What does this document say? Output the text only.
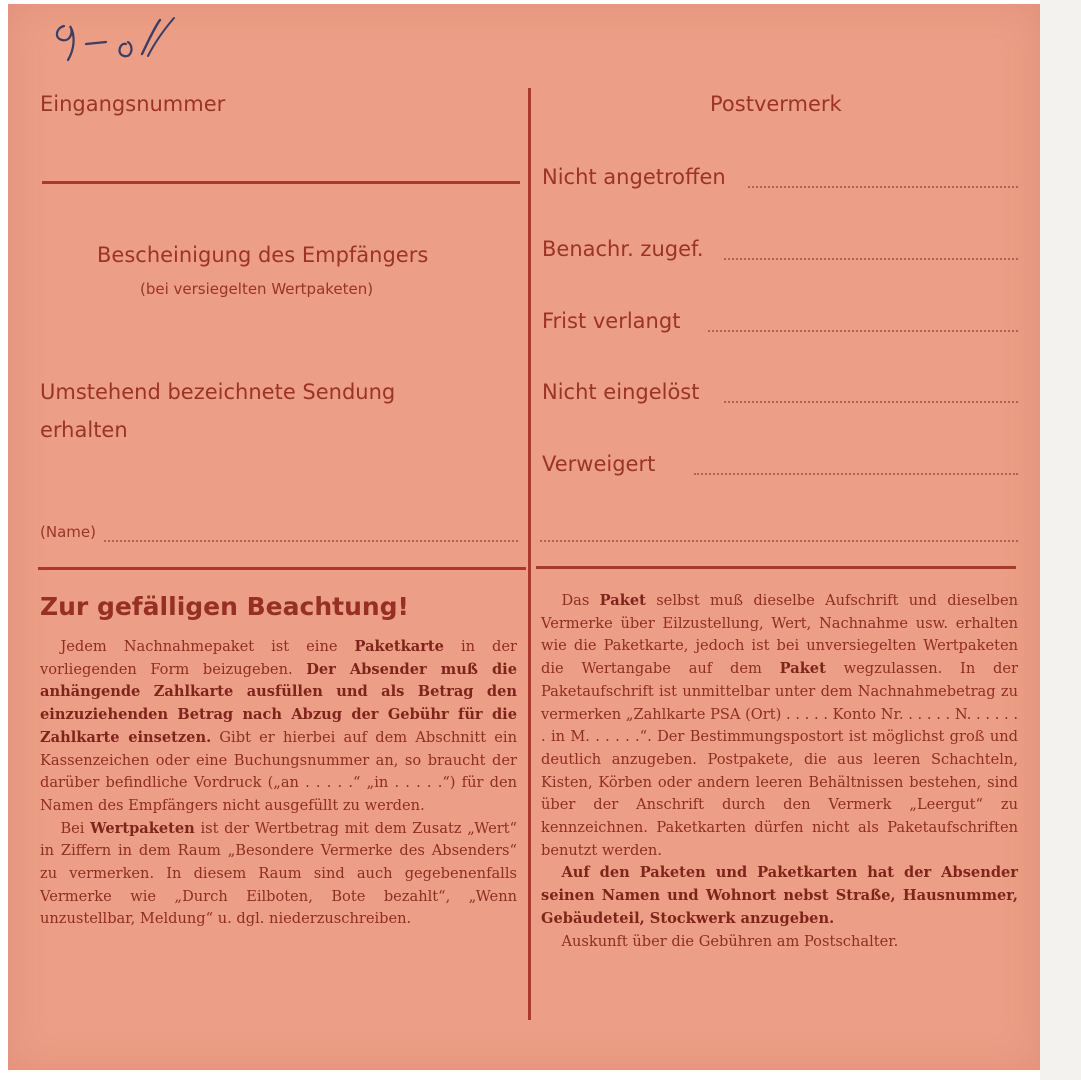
Eingangsnummer
Bescheinigung des Empfängers
(bei versiegelten Wertpaketen)
Umstehend bezeichnete Sendung
erhalten
(Name)
Postvermerk
Nicht angetroffen
Benachr. zugef.
Frist verlangt
Nicht eingelöst
Verweigert
Zur gefälligen Beachtung!

Jedem Nachnahmepaket ist eine Paketkarte in der vorliegenden Form beizugeben. Der Absender muß die anhängende Zahlkarte ausfüllen und als Betrag den einzuziehenden Betrag nach Abzug der Gebühr für die Zahlkarte einsetzen. Gibt er hierbei auf dem Abschnitt ein Kassenzeichen oder eine Buchungsnummer an, so braucht der darüber befindliche Vordruck („an . . . . .“ „in . . . . .“) für den Namen des Empfängers nicht ausgefüllt zu werden.

Bei Wertpaketen ist der Wertbetrag mit dem Zusatz „Wert“ in Ziffern in dem Raum „Besondere Vermerke des Absenders“ zu vermerken. In diesem Raum sind auch gegebenenfalls Vermerke wie „Durch Eilboten, Bote bezahlt“, „Wenn unzustellbar, Meldung“ u. dgl. niederzuschreiben.

Das Paket selbst muß dieselbe Aufschrift und dieselben Vermerke über Eilzustellung, Wert, Nachnahme usw. erhalten wie die Paketkarte, jedoch ist bei unversiegelten Wertpaketen die Wertangabe auf dem Paket wegzulassen. In der Paketaufschrift ist unmittelbar unter dem Nachnahmebetrag zu vermerken „Zahlkarte PSA (Ort) . . . . . Konto Nr. . . . . . N. . . . . . . in M. . . . . .“. Der Bestimmungspostort ist möglichst groß und deutlich anzugeben. Postpakete, die aus leeren Schachteln, Kisten, Körben oder andern leeren Behältnissen bestehen, sind über der Anschrift durch den Vermerk „Leergut“ zu kennzeichnen. Paketkarten dürfen nicht als Paketaufschriften benutzt werden.

Auf den Paketen und Paketkarten hat der Absender seinen Namen und Wohnort nebst Straße, Hausnummer, Gebäudeteil, Stockwerk anzugeben.

Auskunft über die Gebühren am Postschalter.
